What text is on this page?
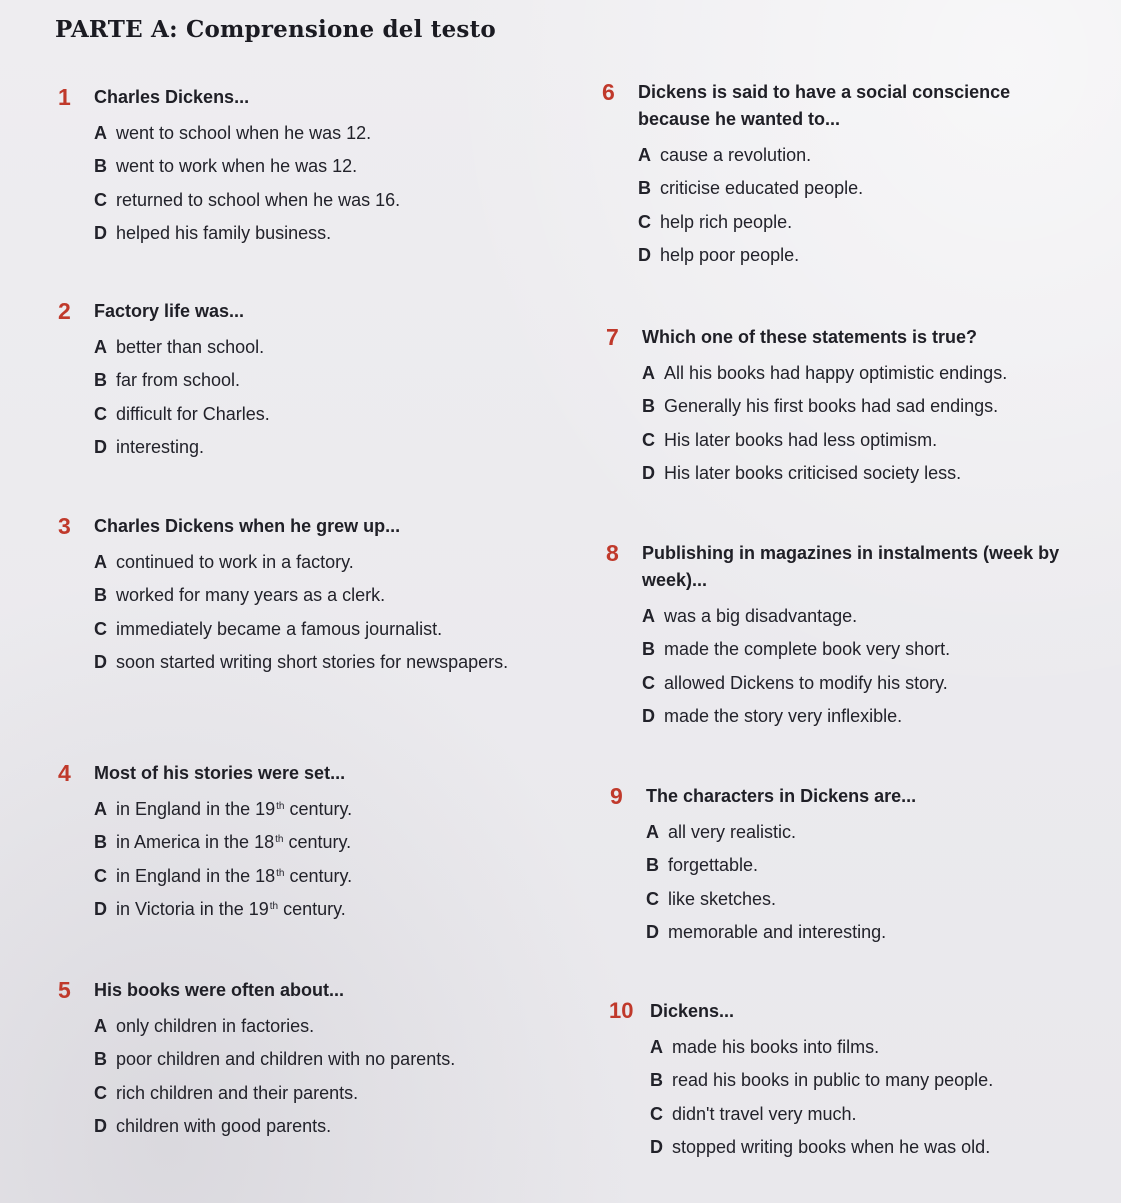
PARTE A: Comprensione del testo
1 Charles Dickens...
A went to school when he was 12.
B went to work when he was 12.
C returned to school when he was 16.
D helped his family business.
2 Factory life was...
A better than school.
B far from school.
C difficult for Charles.
D interesting.
3 Charles Dickens when he grew up...
A continued to work in a factory.
B worked for many years as a clerk.
C immediately became a famous journalist.
D soon started writing short stories for newspapers.
4 Most of his stories were set...
A in England in the 19th century.
B in America in the 18th century.
C in England in the 18th century.
D in Victoria in the 19th century.
5 His books were often about...
A only children in factories.
B poor children and children with no parents.
C rich children and their parents.
D children with good parents.
6 Dickens is said to have a social conscience because he wanted to...
A cause a revolution.
B criticise educated people.
C help rich people.
D help poor people.
7 Which one of these statements is true?
A All his books had happy optimistic endings.
B Generally his first books had sad endings.
C His later books had less optimism.
D His later books criticised society less.
8 Publishing in magazines in instalments (week by week)...
A was a big disadvantage.
B made the complete book very short.
C allowed Dickens to modify his story.
D made the story very inflexible.
9 The characters in Dickens are...
A all very realistic.
B forgettable.
C like sketches.
D memorable and interesting.
10 Dickens...
A made his books into films.
B read his books in public to many people.
C didn't travel very much.
D stopped writing books when he was old.
